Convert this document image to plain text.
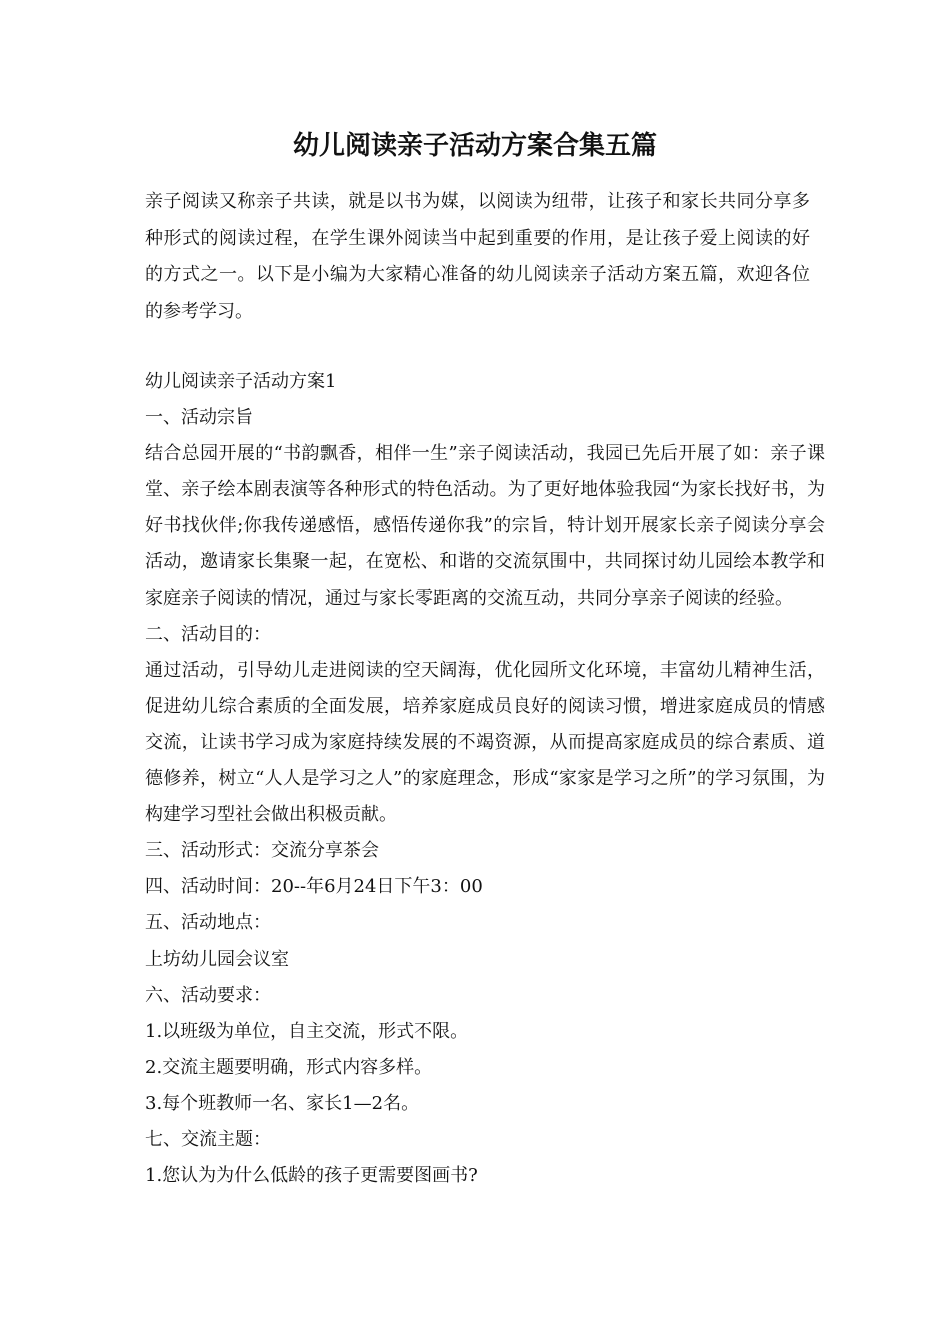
幼儿阅读亲子活动方案合集五篇

亲子阅读又称亲子共读，就是以书为媒，以阅读为纽带，让孩子和家长共同分享多种形式的阅读过程，在学生课外阅读当中起到重要的作用，是让孩子爱上阅读的好的方式之一。以下是小编为大家精心准备的幼儿阅读亲子活动方案五篇，欢迎各位的参考学习。

幼儿阅读亲子活动方案1

一、活动宗旨

结合总园开展的“书韵飘香，相伴一生”亲子阅读活动，我园已先后开展了如：亲子课堂、亲子绘本剧表演等各种形式的特色活动。为了更好地体验我园“为家长找好书，为好书找伙伴;你我传递感悟，感悟传递你我”的宗旨，特计划开展家长亲子阅读分享会活动，邀请家长集聚一起，在宽松、和谐的交流氛围中，共同探讨幼儿园绘本教学和家庭亲子阅读的情况，通过与家长零距离的交流互动，共同分享亲子阅读的经验。

二、活动目的：

通过活动，引导幼儿走进阅读的空天阔海，优化园所文化环境，丰富幼儿精神生活，促进幼儿综合素质的全面发展，培养家庭成员良好的阅读习惯，增进家庭成员的情感交流，让读书学习成为家庭持续发展的不竭资源，从而提高家庭成员的综合素质、道德修养，树立“人人是学习之人”的家庭理念，形成“家家是学习之所”的学习氛围，为构建学习型社会做出积极贡献。

三、活动形式：交流分享茶会

四、活动时间：20--年6月24日下午3：00

五、活动地点：

上坊幼儿园会议室

六、活动要求：

1.以班级为单位，自主交流，形式不限。

2.交流主题要明确，形式内容多样。

3.每个班教师一名、家长1—2名。

七、交流主题：

1.您认为为什么低龄的孩子更需要图画书?
